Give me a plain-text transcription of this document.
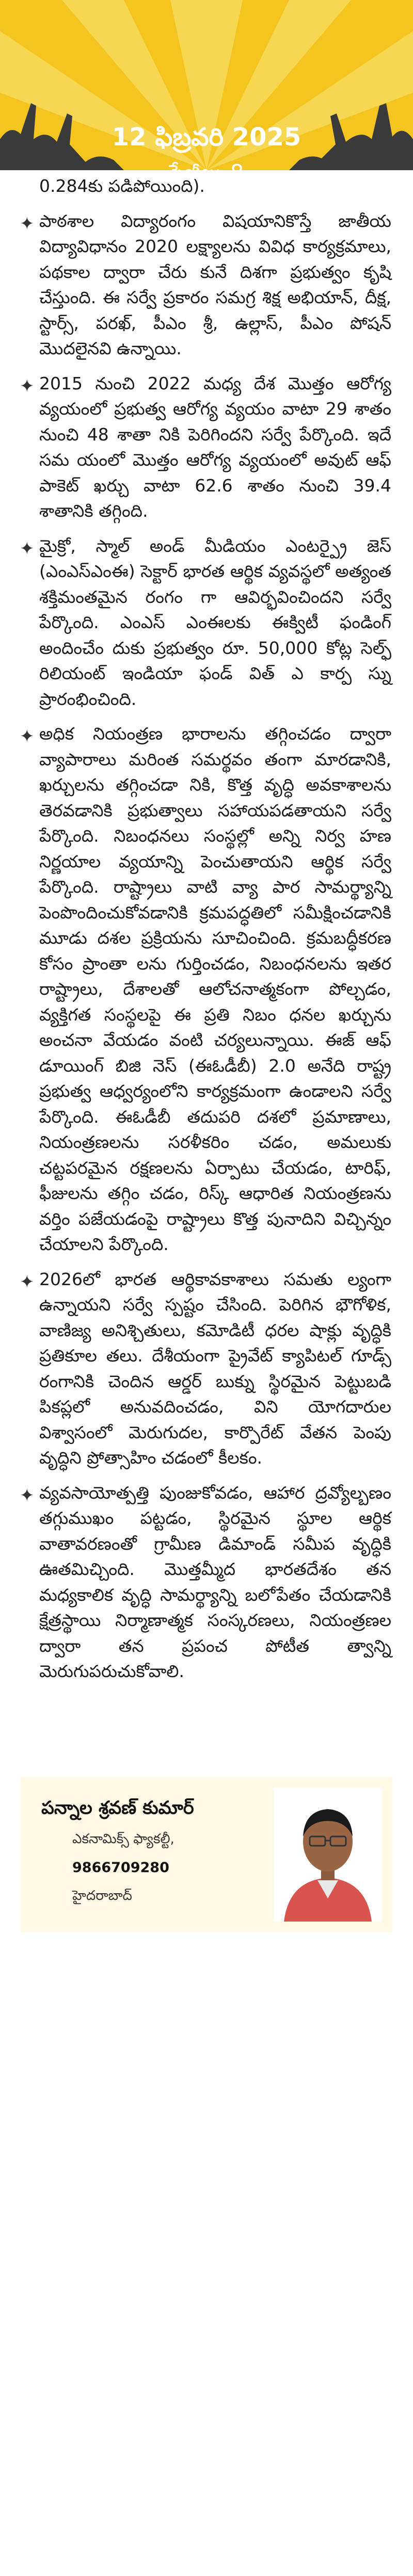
12 ఫిబ్రవరి 2025
పేజీలు 8

0.284కు పడిపోయింది).

✦ పాఠశాల విద్యారంగం విషయానికొస్తే జాతీయ విద్యావిధానం 2020 లక్ష్యాలను వివిధ కార్యక్రమాలు, పథకాల ద్వారా చేరు కునే దిశగా ప్రభుత్వం కృషి చేస్తుంది. ఈ సర్వే ప్రకారం సమగ్ర శిక్ష అభియాన్, దీక్ష, స్టార్స్, పరఖ్, పీఎం శ్రీ, ఉల్లాస్, పీఎం పోషన్ మొదలైనవి ఉన్నాయి.

✦ 2015 నుంచి 2022 మధ్య దేశ మొత్తం ఆరోగ్య వ్యయంలో ప్రభుత్వ ఆరోగ్య వ్యయం వాటా 29 శాతం నుంచి 48 శాతా నికి పెరిగిందని సర్వే పేర్కొంది. ఇదే సమ యంలో మొత్తం ఆరోగ్య వ్యయంలో అవుట్ ఆఫ్ పాకెట్ ఖర్చు వాటా 62.6 శాతం నుంచి 39.4 శాతానికి తగ్గింది.

✦ మైక్రో, స్మాల్ అండ్ మీడియం ఎంటర్ప్రై జెస్ (ఎంఎస్ఎంఈ) సెక్టార్ భారత ఆర్థిక వ్యవస్థలో అత్యంత శక్తిమంతమైన రంగం గా ఆవిర్భవించిందని సర్వే పేర్కొంది. ఎంఎస్ ఎంఈలకు ఈక్విటీ ఫండింగ్ అందించేం దుకు ప్రభుత్వం రూ. 50,000 కోట్ల సెల్ఫ్ రిలియంట్ ఇండియా ఫండ్ విత్ ఎ కార్ప స్ను ప్రారంభించింది.

✦ అధిక నియంత్రణ భారాలను తగ్గించడం ద్వారా వ్యాపారాలు మరింత సమర్థవం తంగా మారడానికి, ఖర్చులను తగ్గించడా నికి, కొత్త వృద్ధి అవకాశాలను తెరవడానికి ప్రభుత్వాలు సహాయపడతాయని సర్వే పేర్కొంది. నిబంధనలు సంస్థల్లో అన్ని నిర్వ హణ నిర్ణయాల వ్యయాన్ని పెంచుతాయని ఆర్థిక సర్వే పేర్కొంది. రాష్ట్రాలు వాటి వ్యా పార సామర్థ్యాన్ని పెంపొందించుకోవడానికి క్రమపద్ధతిలో సమీక్షించడానికి మూడు దశల ప్రక్రియను సూచించింది. క్రమబద్ధీకరణ కోసం ప్రాంతా లను గుర్తించడం, నిబంధనలను ఇతర రాష్ట్రాలు, దేశాలతో ఆలోచనాత్మకంగా పోల్చడం, వ్యక్తిగత సంస్థలపై ఈ ప్రతి నిబం ధనల ఖర్చును అంచనా వేయడం వంటి చర్యలున్నాయి. ఈజ్ ఆఫ్ డూయింగ్ బిజి నెస్ (ఈఓడీబీ) 2.0 అనేది రాష్ట్ర ప్రభుత్వ ఆధ్వర్యంలోని కార్యక్రమంగా ఉండాలని సర్వే పేర్కొంది. ఈఓడీబీ తదుపరి దశలో ప్రమాణాలు, నియంత్రణలను సరళీకరిం చడం, అమలుకు చట్టపరమైన రక్షణలను ఏర్పాటు చేయడం, టారిఫ్, ఫీజులను తగ్గిం చడం, రిస్క్ ఆధారిత నియంత్రణను వర్తిం పజేయడంపై రాష్ట్రాలు కొత్త పునాదిని విచ్చిన్నం చేయాలని పేర్కొంది.

✦ 2026లో భారత ఆర్థికావకాశాలు సమతు ల్యంగా ఉన్నాయని సర్వే స్పష్టం చేసింది. పెరిగిన భౌగోళిక, వాణిజ్య అనిశ్చితులు, కమోడిటీ ధరల షాక్లు వృద్ధికి ప్రతికూల తలు. దేశీయంగా ప్రైవేట్ క్యాపిటల్ గూడ్స్ రంగానికి చెందిన ఆర్డర్ బుక్ను స్థిరమైన పెట్టుబడి పికప్లలో అనువదించడం, విని యోగదారుల విశ్వాసంలో మెరుగుదల, కార్పొరేట్ వేతన పెంపు వృద్ధిని ప్రోత్సాహిం చడంలో కీలకం.

✦ వ్యవసాయోత్పత్తి పుంజుకోవడం, ఆహార ద్రవ్యోల్బణం తగ్గుముఖం పట్టడం, స్థిరమైన స్థూల ఆర్థిక వాతావరణంతో గ్రామీణ డిమాండ్ సమీప వృద్ధికి ఊతమిచ్చింది. మొత్తమ్మీద భారతదేశం తన మధ్యకాలిక వృద్ధి సామర్థ్యాన్ని బలోపేతం చేయడానికి క్షేత్రస్థాయి నిర్మాణాత్మక సంస్కరణలు, నియంత్రణల ద్వారా తన ప్రపంచ పోటీత త్వాన్ని మెరుగుపరుచుకోవాలి.

పన్నాల శ్రవణ్ కుమార్
ఎకనామిక్స్ ఫ్యాకల్టీ,
9866709280
హైదరాబాద్
